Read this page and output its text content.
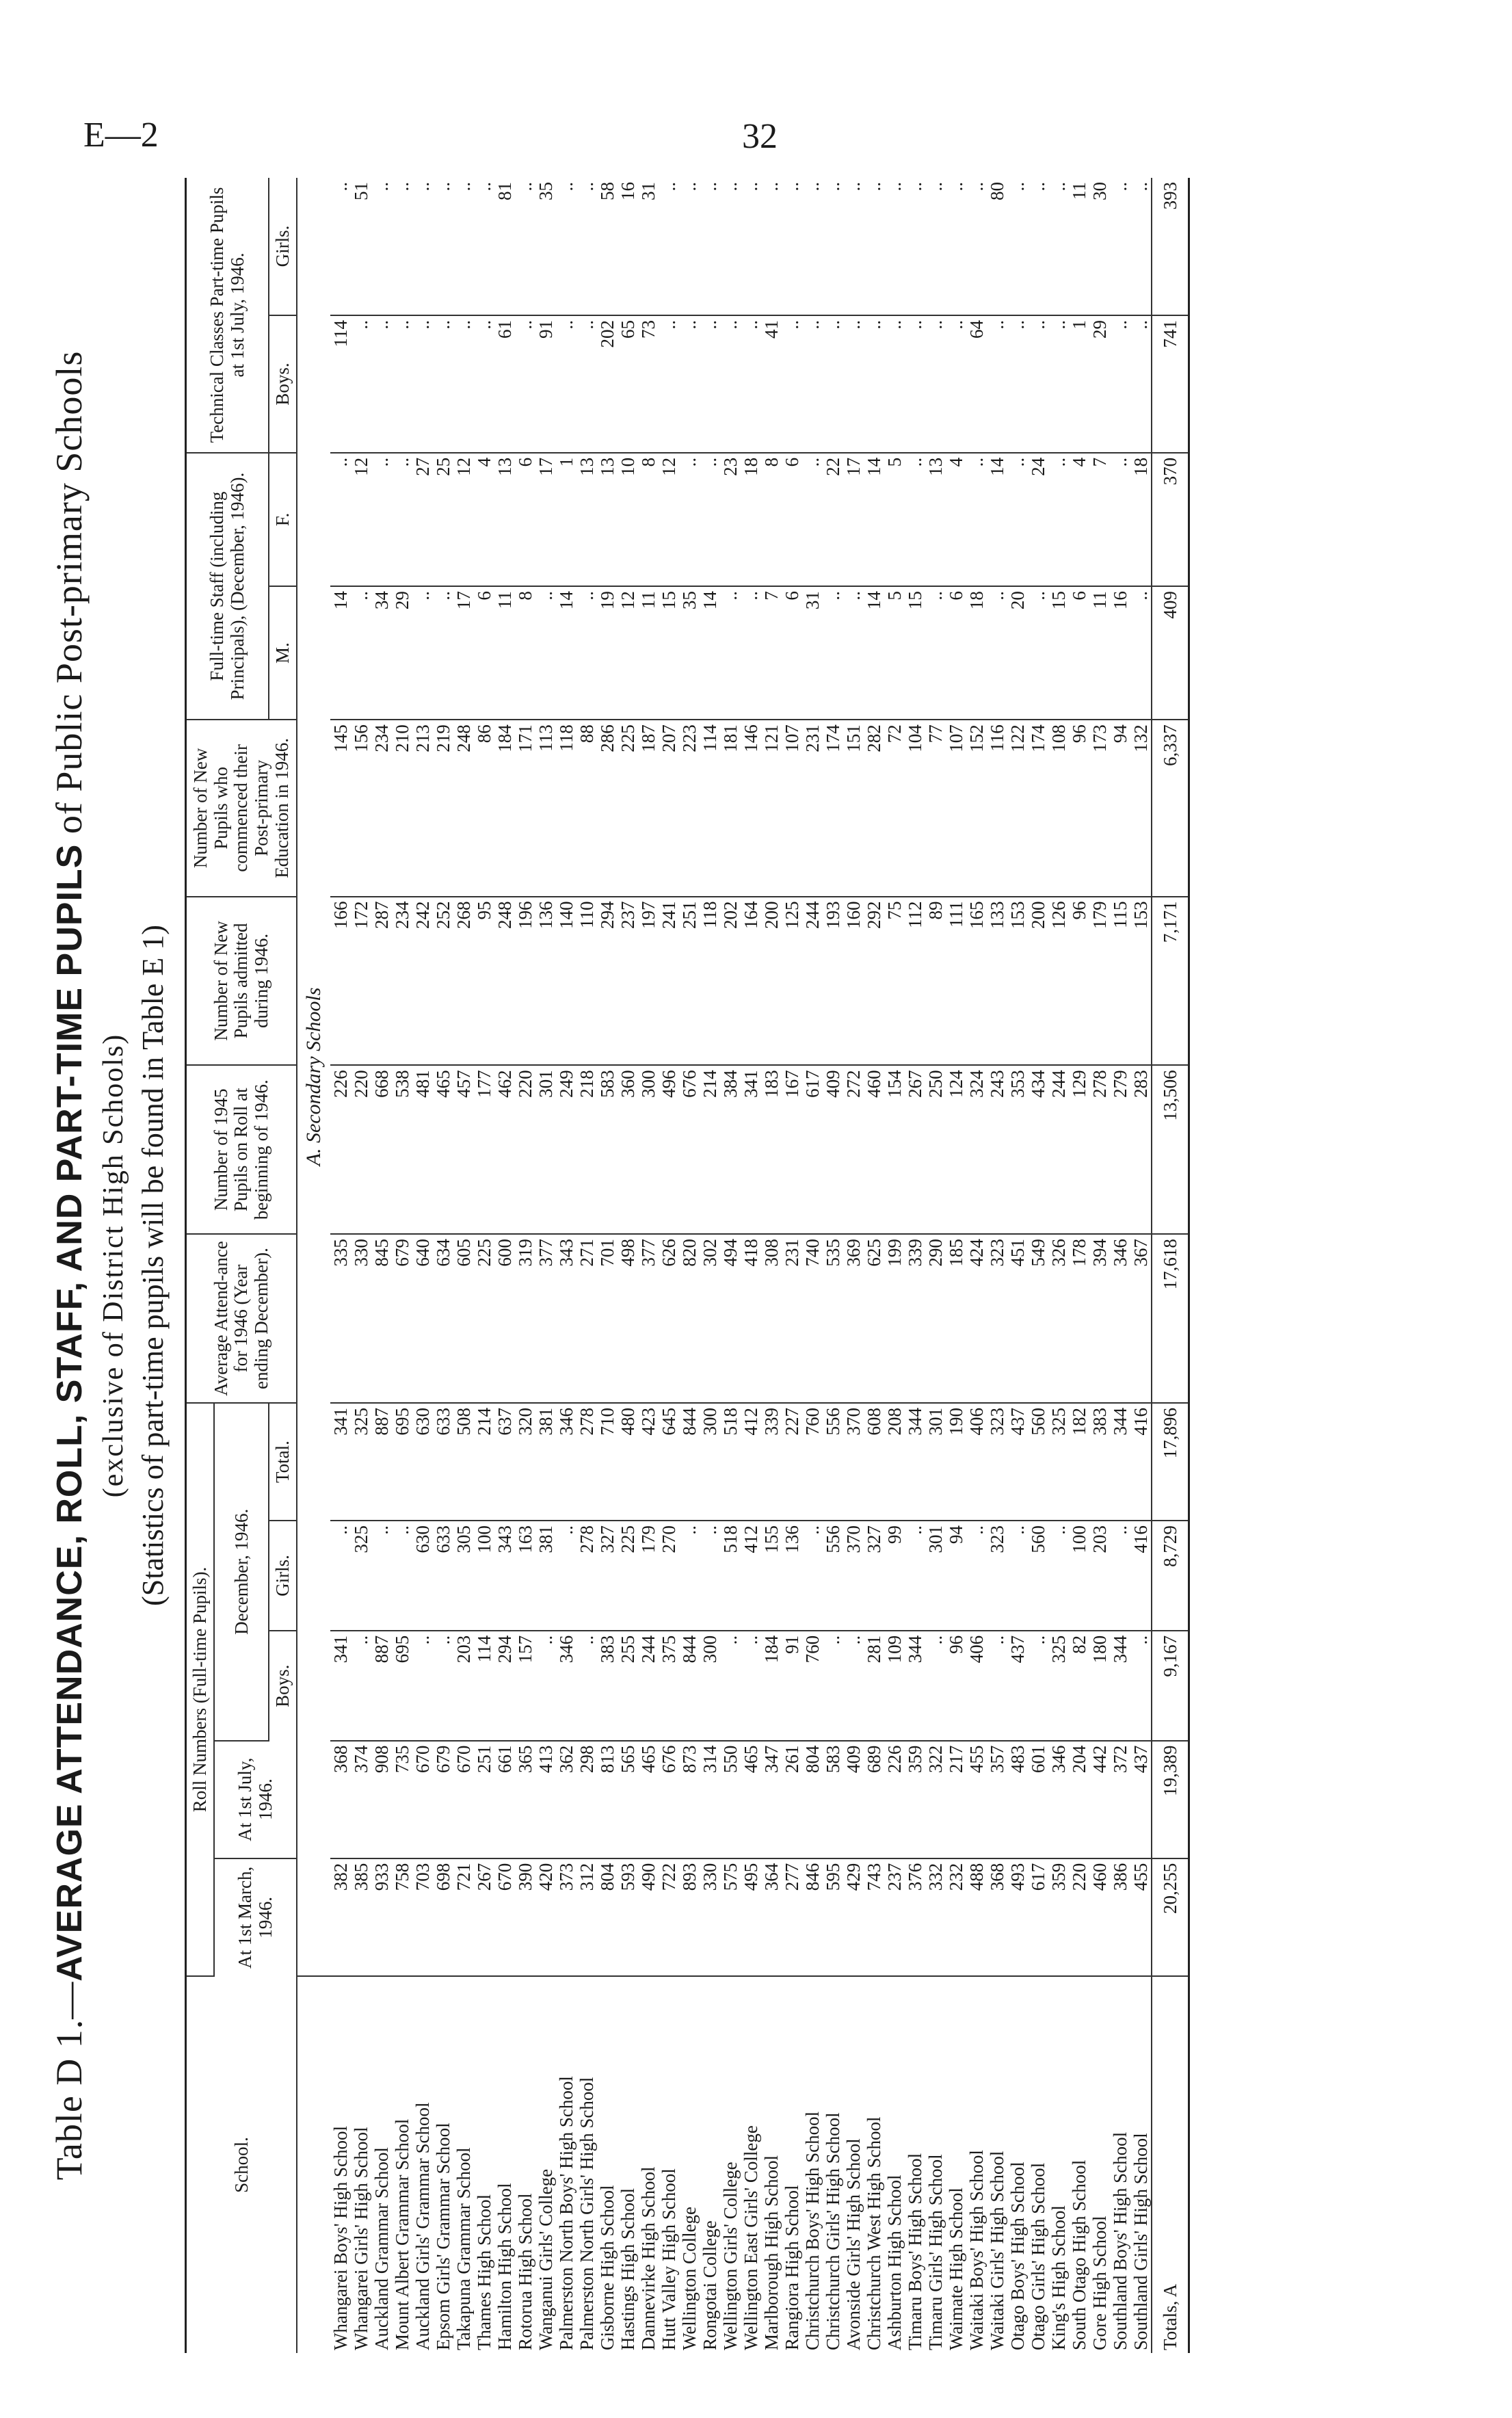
E—2	32
Table D 1.—AVERAGE ATTENDANCE, ROLL, STAFF, AND PART-TIME PUPILS of Public Post-primary Schools
(exclusive of District High Schools) (Statistics of part-time pupils will be found in Table E 1)
School.	Roll Numbers (Full-time Pupils).					Average Attend-ance for 1946 (Year ending December).	Number of 1945 Pupils on Roll at beginning of 1946.	Number of New Pupils admitted during 1946.	Number of New Pupils who commenced their Post-primary Education in 1946.	Full-time Staff (including Principals), (December, 1946).		Technical Classes Part-time Pupils at 1st July, 1946.	
	At 1st March, 1946.	At 1st July, 1946.	December, 1946.										
			Boys.	Girls.	Total.					M.	F.	Boys.	Girls.
	A. Secondary Schools												
Whangarei Boys' High School	382	368	341	..	341	335	226	166	145	14	..	114	..
Whangarei Girls' High School	385	374	..	325	325	330	220	172	156	..	12	..	51
Auckland Grammar School	933	908	887	..	887	845	668	287	234	34	..	..	..
Mount Albert Grammar School	758	735	695	..	695	679	538	234	210	29	..	..	..
Auckland Girls' Grammar School	703	670	..	630	630	640	481	242	213	..	27	..	..
Epsom Girls' Grammar School	698	679	..	633	633	634	465	252	219	..	25	..	..
Takapuna Grammar School	721	670	203	305	508	605	457	268	248	17	12	..	..
Thames High School	267	251	114	100	214	225	177	95	86	6	4	..	..
Hamilton High School	670	661	294	343	637	600	462	248	184	11	13	61	81
Rotorua High School	390	365	157	163	320	319	220	196	171	8	6	..	..
Wanganui Girls' College	420	413	..	381	381	377	301	136	113	..	17	91	35
Palmerston North Boys' High School	373	362	346	..	346	343	249	140	118	14	1	..	..
Palmerston North Girls' High School	312	298	..	278	278	271	218	110	88	..	13	..	..
Gisborne High School	804	813	383	327	710	701	583	294	286	19	13	202	58
Hastings High School	593	565	255	225	480	498	360	237	225	12	10	65	16
Dannevirke High School	490	465	244	179	423	377	300	197	187	11	8	73	31
Hutt Valley High School	722	676	375	270	645	626	496	241	207	15	12	..	..
Wellington College	893	873	844	..	844	820	676	251	223	35	..	..	..
Rongotai College	330	314	300	..	300	302	214	118	114	14	..	..	..
Wellington Girls' College	575	550	..	518	518	494	384	202	181	..	23	..	..
Wellington East Girls' College	495	465	..	412	412	418	341	164	146	..	18	..	..
Marlborough High School	364	347	184	155	339	308	183	200	121	7	8	41	..
Rangiora High School	277	261	91	136	227	231	167	125	107	6	6	..	..
Christchurch Boys' High School	846	804	760	..	760	740	617	244	231	31	..	..	..
Christchurch Girls' High School	595	583	..	556	556	535	409	193	174	..	22	..	..
Avonside Girls' High School	429	409	..	370	370	369	272	160	151	..	17	..	..
Christchurch West High School	743	689	281	327	608	625	460	292	282	14	14	..	..
Ashburton High School	237	226	109	99	208	199	154	75	72	5	5	..	..
Timaru Boys' High School	376	359	344	..	344	339	267	112	104	15	..	..	..
Timaru Girls' High School	332	322	..	301	301	290	250	89	77	..	13	..	..
Waimate High School	232	217	96	94	190	185	124	111	107	6	4	..	..
Waitaki Boys' High School	488	455	406	..	406	424	324	165	152	18	..	64	..
Waitaki Girls' High School	368	357	..	323	323	323	243	133	116	..	14	..	80
Otago Boys' High School	493	483	437	..	437	451	353	153	122	20	..	..	..
Otago Girls' High School	617	601	..	560	560	549	434	200	174	..	24	..	..
King's High School	359	346	325	..	325	326	244	126	108	15	..	..	..
South Otago High School	220	204	82	100	182	178	129	96	96	6	4	1	11
Gore High School	460	442	180	203	383	394	278	179	173	11	7	29	30
Southland Boys' High School	386	372	344	..	344	346	279	115	94	16	..	..	..
Southland Girls' High School	455	437	..	416	416	367	283	153	132	..	18	..	..
Totals, A	20,255	19,389	9,167	8,729	17,896	17,618	13,506	7,171	6,337	409	370	741	393
